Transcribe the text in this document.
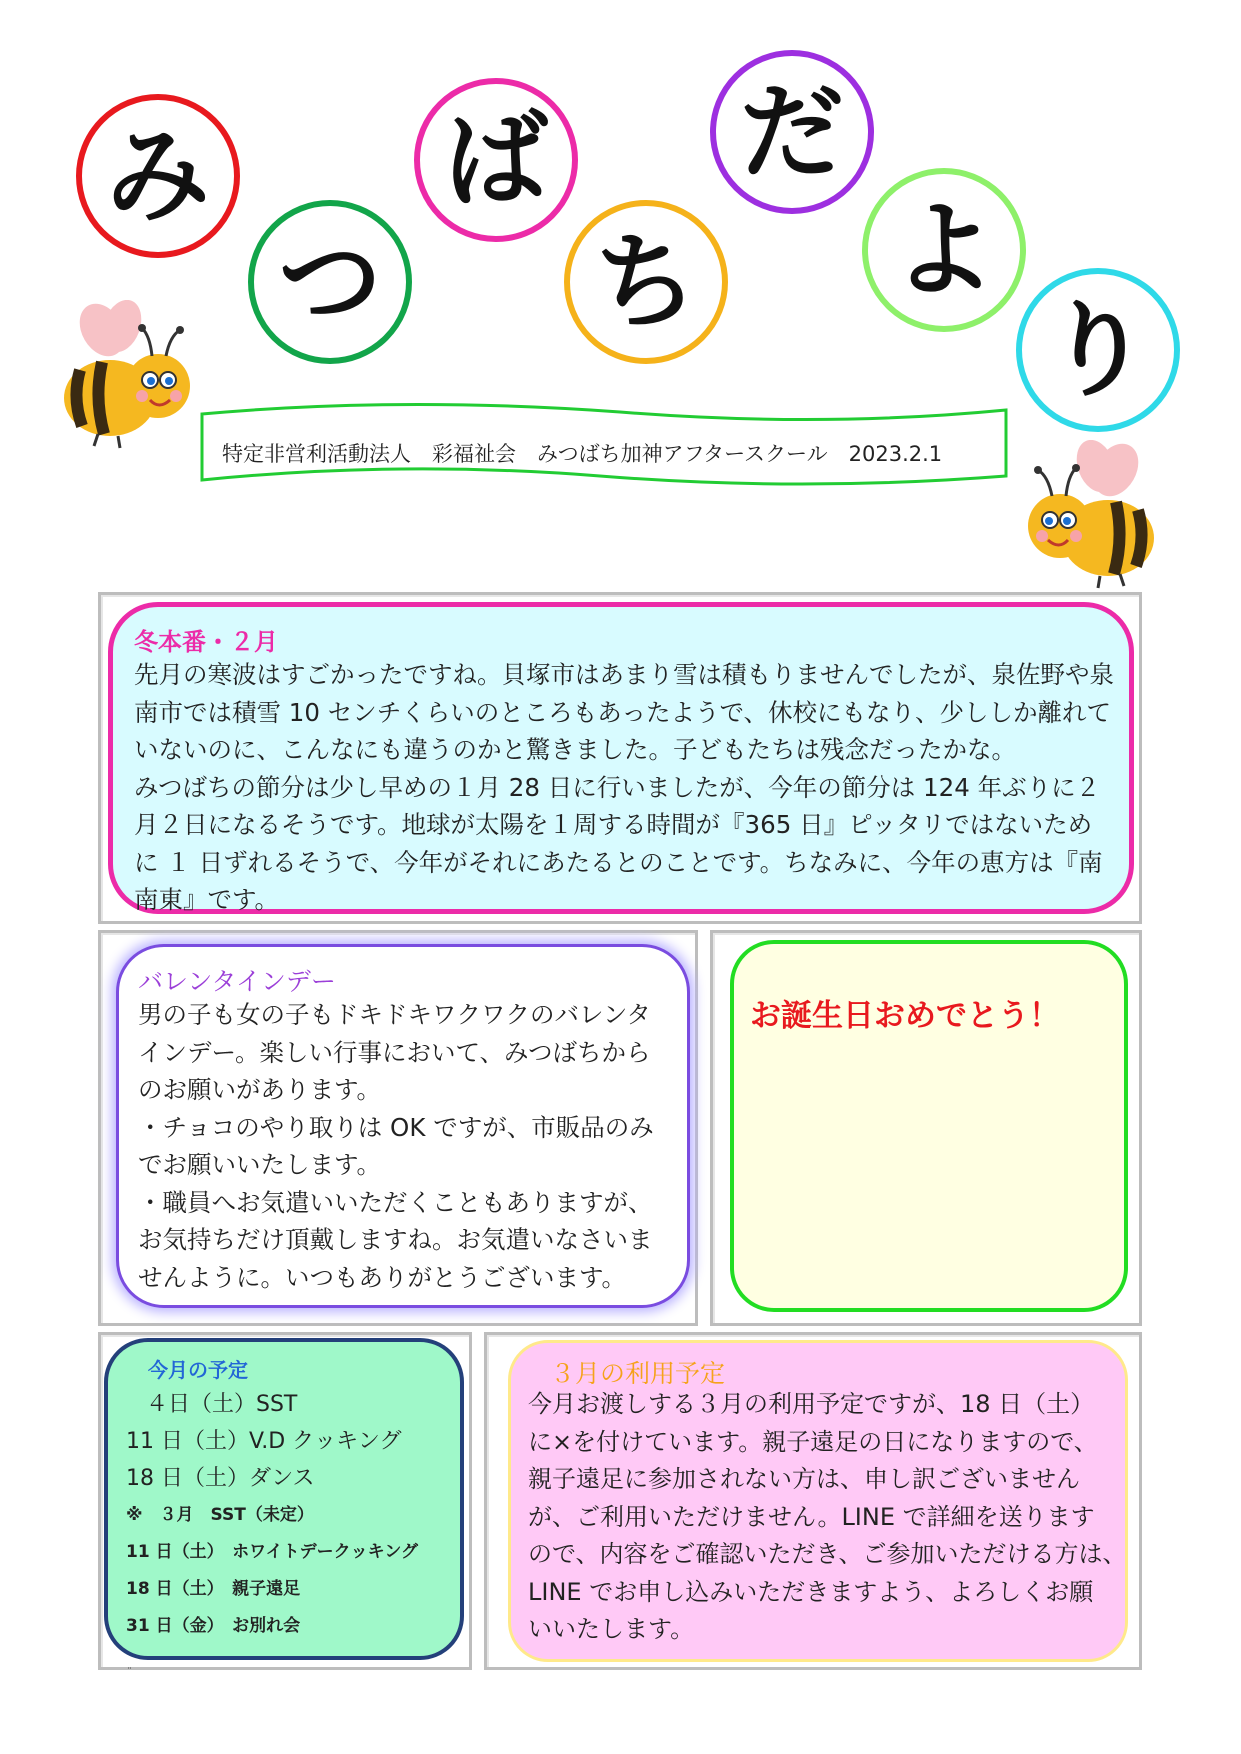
み
つ
ば
ち
だ
よ
り
特定非営利活動法人　彩福祉会　みつばち加神アフタースクール　2023.2.1
冬本番・２月

先月の寒波はすごかったですね。貝塚市はあまり雪は積もりませんでしたが、泉佐野や泉
南市では積雪 10 センチくらいのところもあったようで、休校にもなり、少ししか離れて
いないのに、こんなにも違うのかと驚きました。子どもたちは残念だったかな。
みつばちの節分は少し早めの１月 28 日に行いましたが、今年の節分は 124 年ぶりに２
月２日になるそうです。地球が太陽を１周する時間が『365 日』ピッタリではないため
に １ 日ずれるそうで、今年がそれにあたるとのことです。ちなみに、今年の恵方は『南
南東』です。

バレンタインデー

男の子も女の子もドキドキワクワクのバレンタ
インデー。楽しい行事において、みつばちから
のお願いがあります。
・チョコのやり取りは OK ですが、市販品のみ
でお願いいたします。
・職員へお気遣いいただくこともありますが、
お気持ちだけ頂戴しますね。お気遣いなさいま
せんように。いつもありがとうございます。

お誕生日おめでとう！
今月の予定
４日（土）SST
11 日（土）V.D クッキング
18 日（土）ダンス
※　３月　SST（未定）
11 日（土）　ホワイトデークッキング
18 日（土）　親子遠足
31 日（金）　お別れ会
３月の利用予定

今月お渡しする３月の利用予定ですが、18 日（土）
に×を付けています。親子遠足の日になりますので、
親子遠足に参加されない方は、申し訳ございません
が、ご利用いただけません。LINE で詳細を送ります
ので、内容をご確認いただき、ご参加いただける方は、
LINE でお申し込みいただきますよう、よろしくお願
いいたします。

¨
